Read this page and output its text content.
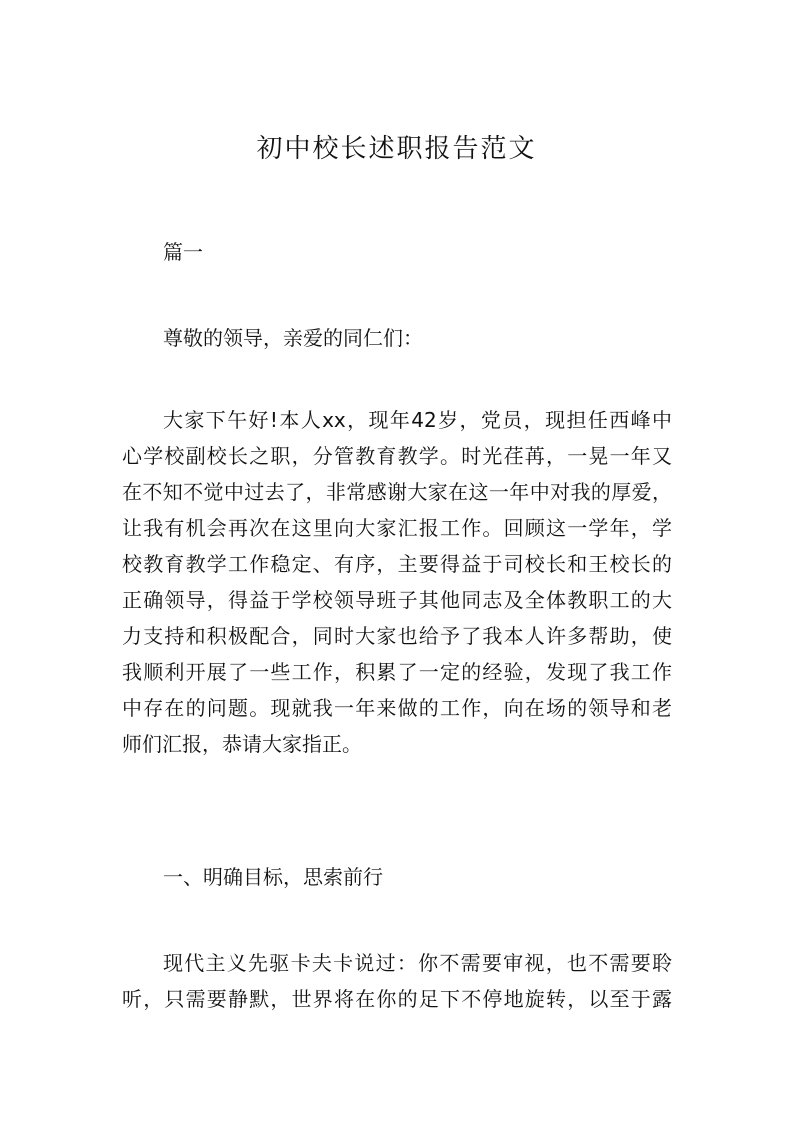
初中校长述职报告范文
篇一
尊敬的领导，亲爱的同仁们：
大家下午好!本人xx，现年42岁，党员，现担任西峰中
心学校副校长之职，分管教育教学。时光荏苒，一晃一年又
在不知不觉中过去了，非常感谢大家在这一年中对我的厚爱，
让我有机会再次在这里向大家汇报工作。回顾这一学年，学
校教育教学工作稳定、有序，主要得益于司校长和王校长的
正确领导，得益于学校领导班子其他同志及全体教职工的大
力支持和积极配合，同时大家也给予了我本人许多帮助，使
我顺利开展了一些工作，积累了一定的经验，发现了我工作
中存在的问题。现就我一年来做的工作，向在场的领导和老
师们汇报，恭请大家指正。
一、明确目标，思索前行
现代主义先驱卡夫卡说过：你不需要审视，也不需要聆
听，只需要静默，世界将在你的足下不停地旋转，以至于露
